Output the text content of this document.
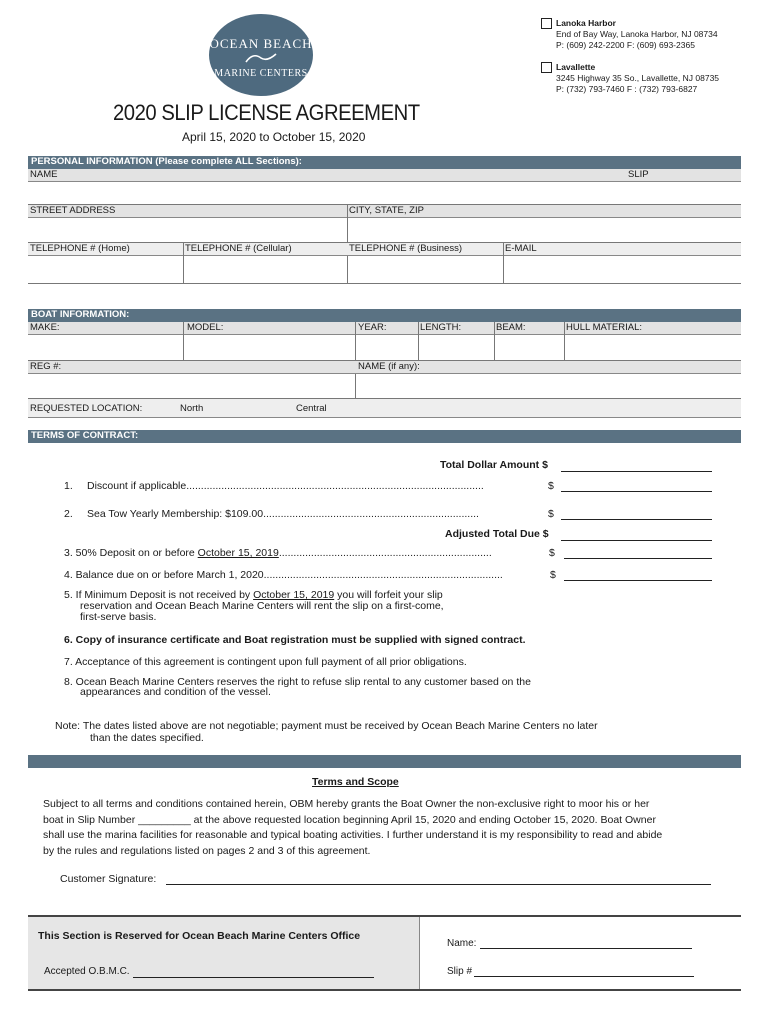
OCEAN BEACH
MARINE CENTERS
Lanoka Harbor
End of Bay Way, Lanoka Harbor, NJ 08734
P: (609) 242-2200 F: (609) 693-2365
Lavallette
3245 Highway 35 So., Lavallette, NJ 08735
P: (732) 793-7460 F : (732) 793-6827
2020 SLIP LICENSE AGREEMENT
April 15, 2020 to October 15, 2020
PERSONAL INFORMATION (Please complete ALL Sections):
NAME	SLIP
STREET ADDRESS	CITY, STATE, ZIP
TELEPHONE # (Home)	TELEPHONE # (Cellular)	TELEPHONE # (Business)	E-MAIL
BOAT INFORMATION:
MAKE:	MODEL:	YEAR:	LENGTH:	BEAM:	HULL MATERIAL:
REG #:	NAME (if any):
REQUESTED LOCATION:	North	Central
TERMS OF CONTRACT:
Total Dollar Amount $
1. Discount if applicable......................................................................................................	$
2. Sea Tow Yearly Membership: $109.00..........................................................................	$
Adjusted Total Due $
3. 50% Deposit on or before October 15, 2019.........................................................................	$
4. Balance due on or before March 1, 2020..................................................................................	$
5. If Minimum Deposit is not received by October 15, 2019 you will forfeit your slip
reservation and Ocean Beach Marine Centers will rent the slip on a first-come,
first-serve basis.
6. Copy of insurance certificate and Boat registration must be supplied with signed contract.
7. Acceptance of this agreement is contingent upon full payment of all prior obligations.
8. Ocean Beach Marine Centers reserves the right to refuse slip rental to any customer based on the
appearances and condition of the vessel.
Note: The dates listed above are not negotiable; payment must be received by Ocean Beach Marine Centers no later
than the dates specified.
Terms and Scope
Subject to all terms and conditions contained herein, OBM hereby grants the Boat Owner the non-exclusive right to moor his or her
boat in Slip Number _________ at the above requested location beginning April 15, 2020 and ending October 15, 2020. Boat Owner
shall use the marina facilities for reasonable and typical boating activities. I further understand it is my responsibility to read and abide
by the rules and regulations listed on pages 2 and 3 of this agreement.
Customer Signature:
This Section is Reserved for Ocean Beach Marine Centers Office
Accepted O.B.M.C.
Name:
Slip #
